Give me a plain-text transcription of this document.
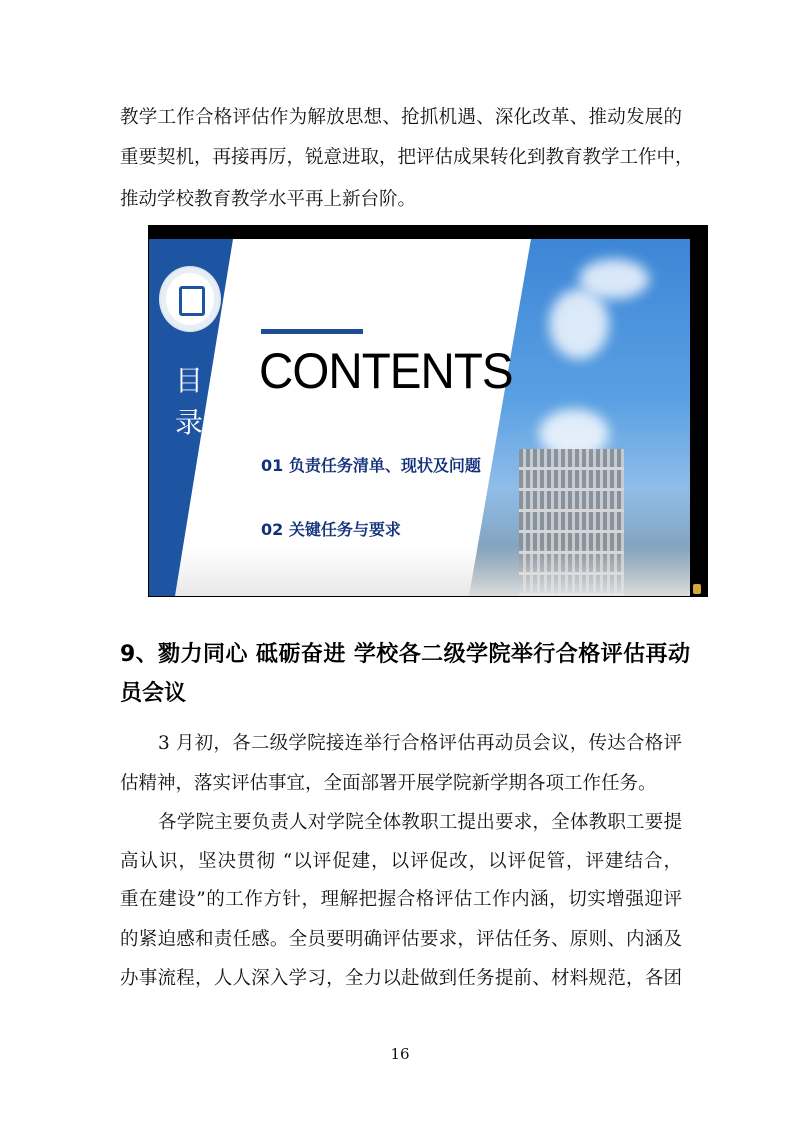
教学工作合格评估作为解放思想、抢抓机遇、深化改革、推动发展的
重要契机，再接再厉，锐意进取，把评估成果转化到教育教学工作中，
推动学校教育教学水平再上新台阶。
目
录
CONTENTS
01 负责任务清单、现状及问题
02 关键任务与要求
9、勠力同心 砥砺奋进 学校各二级学院举行合格评估再动
员会议
3 月初，各二级学院接连举行合格评估再动员会议，传达合格评
估精神，落实评估事宜，全面部署开展学院新学期各项工作任务。
各学院主要负责人对学院全体教职工提出要求，全体教职工要提
高认识，坚决贯彻 “以评促建，以评促改，以评促管，评建结合，
重在建设”的工作方针，理解把握合格评估工作内涵，切实增强迎评
的紧迫感和责任感。全员要明确评估要求，评估任务、原则、内涵及
办事流程，人人深入学习，全力以赴做到任务提前、材料规范，各团
16
